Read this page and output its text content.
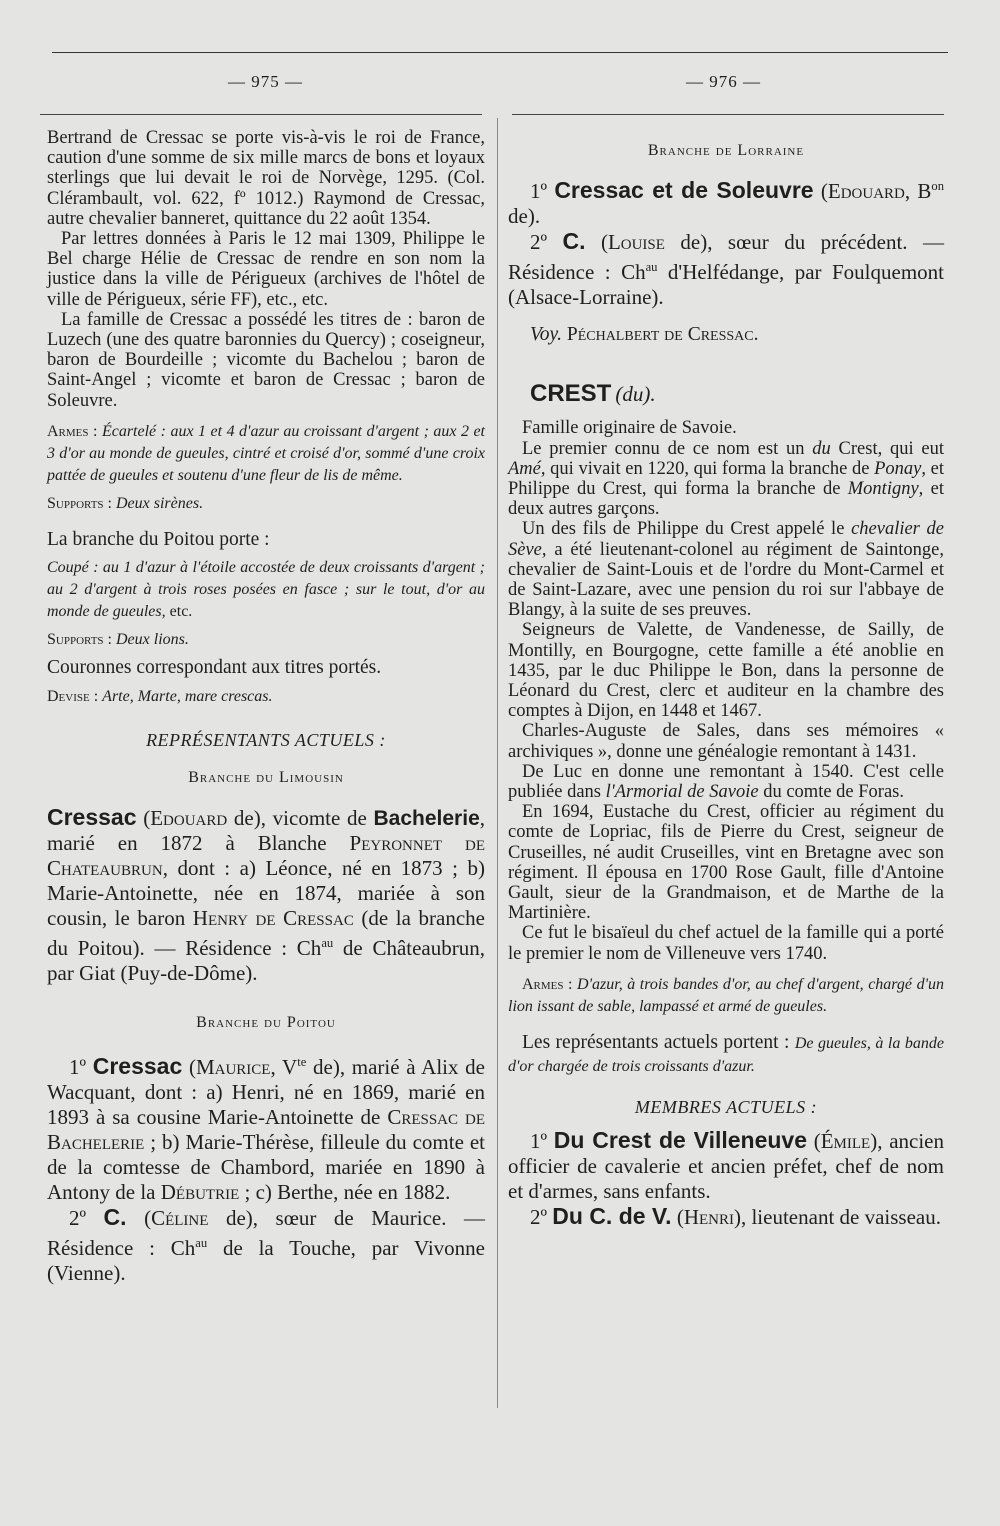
— 975 —	— 976 —

Bertrand de Cressac se porte vis-à-vis le roi de France, caution d'une somme de six mille marcs de bons et loyaux sterlings que lui devait le roi de Norvège, 1295. (Col. Clérambault, vol. 622, fº 1012.) Raymond de Cressac, autre chevalier banneret, quittance du 22 août 1354.

Par lettres données à Paris le 12 mai 1309, Philippe le Bel charge Hélie de Cressac de rendre en son nom la justice dans la ville de Périgueux (archives de l'hôtel de ville de Périgueux, série FF), etc., etc.

La famille de Cressac a possédé les titres de : baron de Luzech (une des quatre baronnies du Quercy) ; coseigneur, baron de Bourdeille ; vicomte du Bachelou ; baron de Saint-Angel ; vicomte et baron de Cressac ; baron de Soleuvre.

Armes : Écartelé : aux 1 et 4 d'azur au croissant d'argent ; aux 2 et 3 d'or au monde de gueules, cintré et croisé d'or, sommé d'une croix pattée de gueules et soutenu d'une fleur de lis de même.

Supports : Deux sirènes.

La branche du Poitou porte :

Coupé : au 1 d'azur à l'étoile accostée de deux croissants d'argent ; au 2 d'argent à trois roses posées en fasce ; sur le tout, d'or au monde de gueules, etc.

Supports : Deux lions.

Couronnes correspondant aux titres portés.

Devise : Arte, Marte, mare crescas.

REPRÉSENTANTS ACTUELS :

Branche du Limousin

Cressac (Edouard de), vicomte de Bachelerie, marié en 1872 à Blanche Peyronnet de Chateaubrun, dont : a) Léonce, né en 1873 ; b) Marie-Antoinette, née en 1874, mariée à son cousin, le baron Henry de Cressac (de la branche du Poitou). — Résidence : $Ch^{au}$ de Châteaubrun, par Giat (Puy-de-Dôme).

Branche du Poitou

1º Cressac (Maurice, $V^{te}$ de), marié à Alix de Wacquant, dont : a) Henri, né en 1869, marié en 1893 à sa cousine Marie-Antoinette de Cressac de Bachelerie ; b) Marie-Thérèse, filleule du comte et de la comtesse de Chambord, mariée en 1890 à Antony de la Débutrie ; c) Berthe, née en 1882.

2º C. (Céline de), sœur de Maurice. — Résidence : $Ch^{au}$ de la Touche, par Vivonne (Vienne).

Branche de Lorraine

1º Cressac et de Soleuvre (Edouard, $B^{on}$ de).

2º C. (Louise de), sœur du précédent. — Résidence : $Ch^{au}$ d'Helfédange, par Foulquemont (Alsace-Lorraine).

Voy. Péchalbert de Cressac.

CREST (du).

Famille originaire de Savoie.

Le premier connu de ce nom est un du Crest, qui eut Amé, qui vivait en 1220, qui forma la branche de Ponay, et Philippe du Crest, qui forma la branche de Montigny, et deux autres garçons.

Un des fils de Philippe du Crest appelé le chevalier de Sève, a été lieutenant-colonel au régiment de Saintonge, chevalier de Saint-Louis et de l'ordre du Mont-Carmel et de Saint-Lazare, avec une pension du roi sur l'abbaye de Blangy, à la suite de ses preuves.

Seigneurs de Valette, de Vandenesse, de Sailly, de Montilly, en Bourgogne, cette famille a été anoblie en 1435, par le duc Philippe le Bon, dans la personne de Léonard du Crest, clerc et auditeur en la chambre des comptes à Dijon, en 1448 et 1467.

Charles-Auguste de Sales, dans ses mémoires « archiviques », donne une généalogie remontant à 1431.

De Luc en donne une remontant à 1540. C'est celle publiée dans l'Armorial de Savoie du comte de Foras.

En 1694, Eustache du Crest, officier au régiment du comte de Lopriac, fils de Pierre du Crest, seigneur de Cruseilles, né audit Cruseilles, vint en Bretagne avec son régiment. Il épousa en 1700 Rose Gault, fille d'Antoine Gault, sieur de la Grandmaison, et de Marthe de la Martinière.

Ce fut le bisaïeul du chef actuel de la famille qui a porté le premier le nom de Villeneuve vers 1740.

Armes : D'azur, à trois bandes d'or, au chef d'argent, chargé d'un lion issant de sable, lampassé et armé de gueules.

Les représentants actuels portent : De gueules, à la bande d'or chargée de trois croissants d'azur.

MEMBRES ACTUELS :

1º Du Crest de Villeneuve (Émile), ancien officier de cavalerie et ancien préfet, chef de nom et d'armes, sans enfants.

2º Du C. de V. (Henri), lieutenant de vaisseau.
